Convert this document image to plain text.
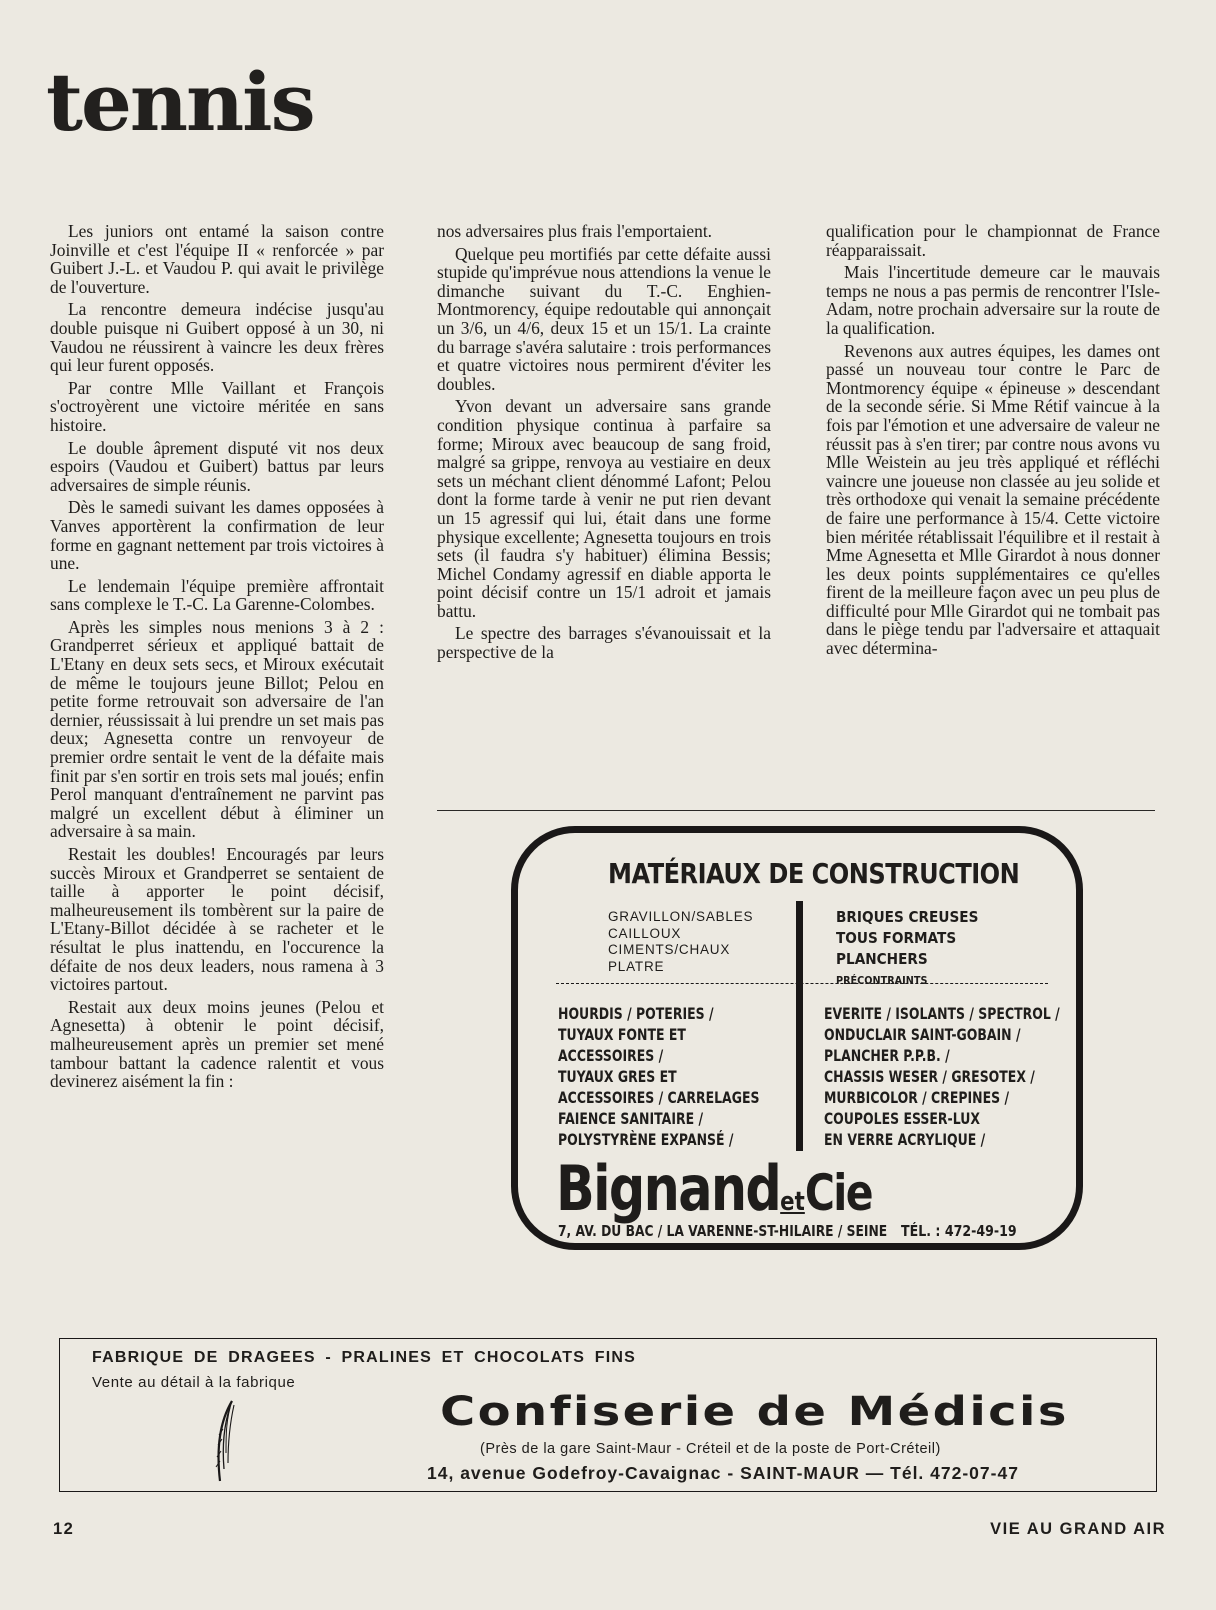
tennis

Les juniors ont entamé la saison contre Joinville et c'est l'équipe II « renforcée » par Guibert J.-L. et Vaudou P. qui avait le privilège de l'ouverture.

La rencontre demeura indécise jusqu'au double puisque ni Guibert opposé à un 30, ni Vaudou ne réussirent à vaincre les deux frères qui leur furent opposés.

Par contre Mlle Vaillant et François s'octroyèrent une victoire méritée en sans histoire.

Le double âprement disputé vit nos deux espoirs (Vaudou et Guibert) battus par leurs adversaires de simple réunis.

Dès le samedi suivant les dames opposées à Vanves apportèrent la confirmation de leur forme en gagnant nettement par trois victoires à une.

Le lendemain l'équipe première affrontait sans complexe le T.-C. La Garenne-Colombes.

Après les simples nous menions 3 à 2 : Grandperret sérieux et appliqué battait de L'Etany en deux sets secs, et Miroux exécutait de même le toujours jeune Billot; Pelou en petite forme retrouvait son adversaire de l'an dernier, réussissait à lui prendre un set mais pas deux; Agnesetta contre un renvoyeur de premier ordre sentait le vent de la défaite mais finit par s'en sortir en trois sets mal joués; enfin Perol manquant d'entraînement ne parvint pas malgré un excellent début à éliminer un adversaire à sa main.

Restait les doubles! Encouragés par leurs succès Miroux et Grandperret se sentaient de taille à apporter le point décisif, malheureusement ils tombèrent sur la paire de L'Etany-Billot décidée à se racheter et le résultat le plus inattendu, en l'occurence la défaite de nos deux leaders, nous ramena à 3 victoires partout.

Restait aux deux moins jeunes (Pelou et Agnesetta) à obtenir le point décisif, malheureusement après un premier set mené tambour battant la cadence ralentit et vous devinerez aisément la fin :

nos adversaires plus frais l'emportaient.

Quelque peu mortifiés par cette défaite aussi stupide qu'imprévue nous attendions la venue le dimanche suivant du T.-C. Enghien-Montmorency, équipe redoutable qui annonçait un 3/6, un 4/6, deux 15 et un 15/1. La crainte du barrage s'avéra salutaire : trois performances et quatre victoires nous permirent d'éviter les doubles.

Yvon devant un adversaire sans grande condition physique continua à parfaire sa forme; Miroux avec beaucoup de sang froid, malgré sa grippe, renvoya au vestiaire en deux sets un méchant client dénommé Lafont; Pelou dont la forme tarde à venir ne put rien devant un 15 agressif qui lui, était dans une forme physique excellente; Agnesetta toujours en trois sets (il faudra s'y habituer) élimina Bessis; Michel Condamy agressif en diable apporta le point décisif contre un 15/1 adroit et jamais battu.

Le spectre des barrages s'évanouissait et la perspective de la

qualification pour le championnat de France réapparaissait.

Mais l'incertitude demeure car le mauvais temps ne nous a pas permis de rencontrer l'Isle-Adam, notre prochain adversaire sur la route de la qualification.

Revenons aux autres équipes, les dames ont passé un nouveau tour contre le Parc de Montmorency équipe « épineuse » descendant de la seconde série. Si Mme Rétif vaincue à la fois par l'émotion et une adversaire de valeur ne réussit pas à s'en tirer; par contre nous avons vu Mlle Weistein au jeu très appliqué et réfléchi vaincre une joueuse non classée au jeu solide et très orthodoxe qui venait la semaine précédente de faire une performance à 15/4. Cette victoire bien méritée rétablissait l'équilibre et il restait à Mme Agnesetta et Mlle Girardot à nous donner les deux points supplémentaires ce qu'elles firent de la meilleure façon avec un peu plus de difficulté pour Mlle Girardot qui ne tombait pas dans le piège tendu par l'adversaire et attaquait avec détermina-

MATÉRIAUX DE CONSTRUCTION
GRAVILLON/SABLES
CAILLOUX
CIMENTS/CHAUX
PLATRE
BRIQUES CREUSES
TOUS FORMATS
PLANCHERS
PRÉCONTRAINTS
HOURDIS / POTERIES /
TUYAUX FONTE ET
ACCESSOIRES /
TUYAUX GRES ET
ACCESSOIRES / CARRELAGES
FAIENCE SANITAIRE /
POLYSTYRÈNE EXPANSÉ /
EVERITE / ISOLANTS / SPECTROL /
ONDUCLAIR SAINT-GOBAIN /
PLANCHER P.P.B. /
CHASSIS WESER / GRESOTEX /
MURBICOLOR / CREPINES /
COUPOLES ESSER-LUX
EN VERRE ACRYLIQUE /
BignandetCie
7, AV. DU BAC / LA VARENNE-ST-HILAIRE / SEINE TÉL. : 472-49-19
FABRIQUE DE DRAGEES - PRALINES ET CHOCOLATS FINS
Vente au détail à la fabrique
Confiserie de Médicis
(Près de la gare Saint-Maur - Créteil et de la poste de Port-Créteil)
14, avenue Godefroy-Cavaignac - SAINT-MAUR — Tél. 472-07-47
12	VIE AU GRAND AIR
